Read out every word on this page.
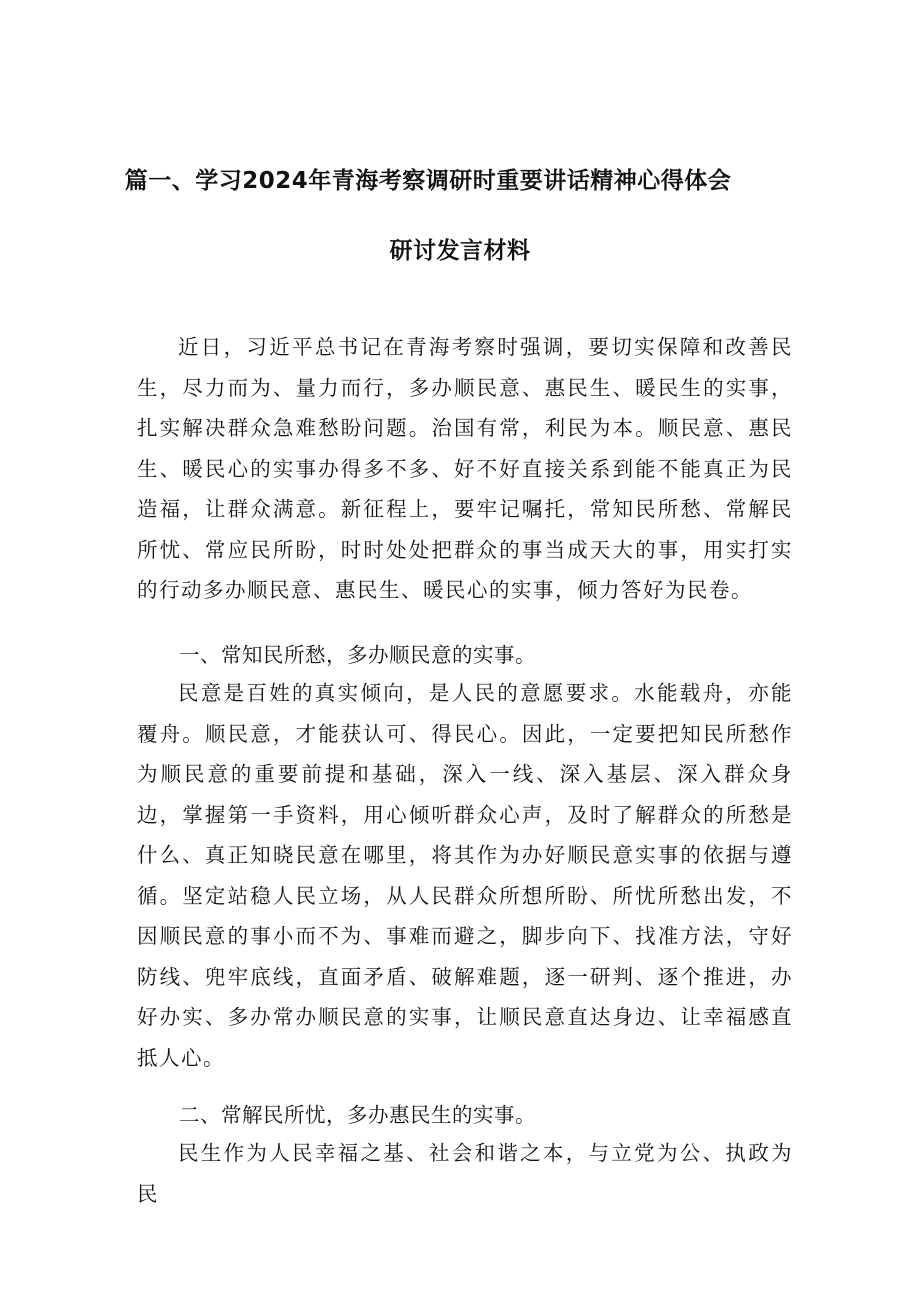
篇一、学习2024年青海考察调研时重要讲话精神心得体会
研讨发言材料

近日，习近平总书记在青海考察时强调，要切实保障和改善民生，尽力而为、量力而行，多办顺民意、惠民生、暖民生的实事，扎实解决群众急难愁盼问题。治国有常，利民为本。顺民意、惠民生、暖民心的实事办得多不多、好不好直接关系到能不能真正为民造福，让群众满意。新征程上，要牢记嘱托，常知民所愁、常解民所忧、常应民所盼，时时处处把群众的事当成天大的事，用实打实的行动多办顺民意、惠民生、暖民心的实事，倾力答好为民卷。

一、常知民所愁，多办顺民意的实事。

民意是百姓的真实倾向，是人民的意愿要求。水能载舟，亦能覆舟。顺民意，才能获认可、得民心。因此，一定要把知民所愁作为顺民意的重要前提和基础，深入一线、深入基层、深入群众身边，掌握第一手资料，用心倾听群众心声，及时了解群众的所愁是什么、真正知晓民意在哪里，将其作为办好顺民意实事的依据与遵循。坚定站稳人民立场，从人民群众所想所盼、所忧所愁出发，不因顺民意的事小而不为、事难而避之，脚步向下、找准方法，守好防线、兜牢底线，直面矛盾、破解难题，逐一研判、逐个推进，办好办实、多办常办顺民意的实事，让顺民意直达身边、让幸福感直抵人心。

二、常解民所忧，多办惠民生的实事。

民生作为人民幸福之基、社会和谐之本，与立党为公、执政为民
